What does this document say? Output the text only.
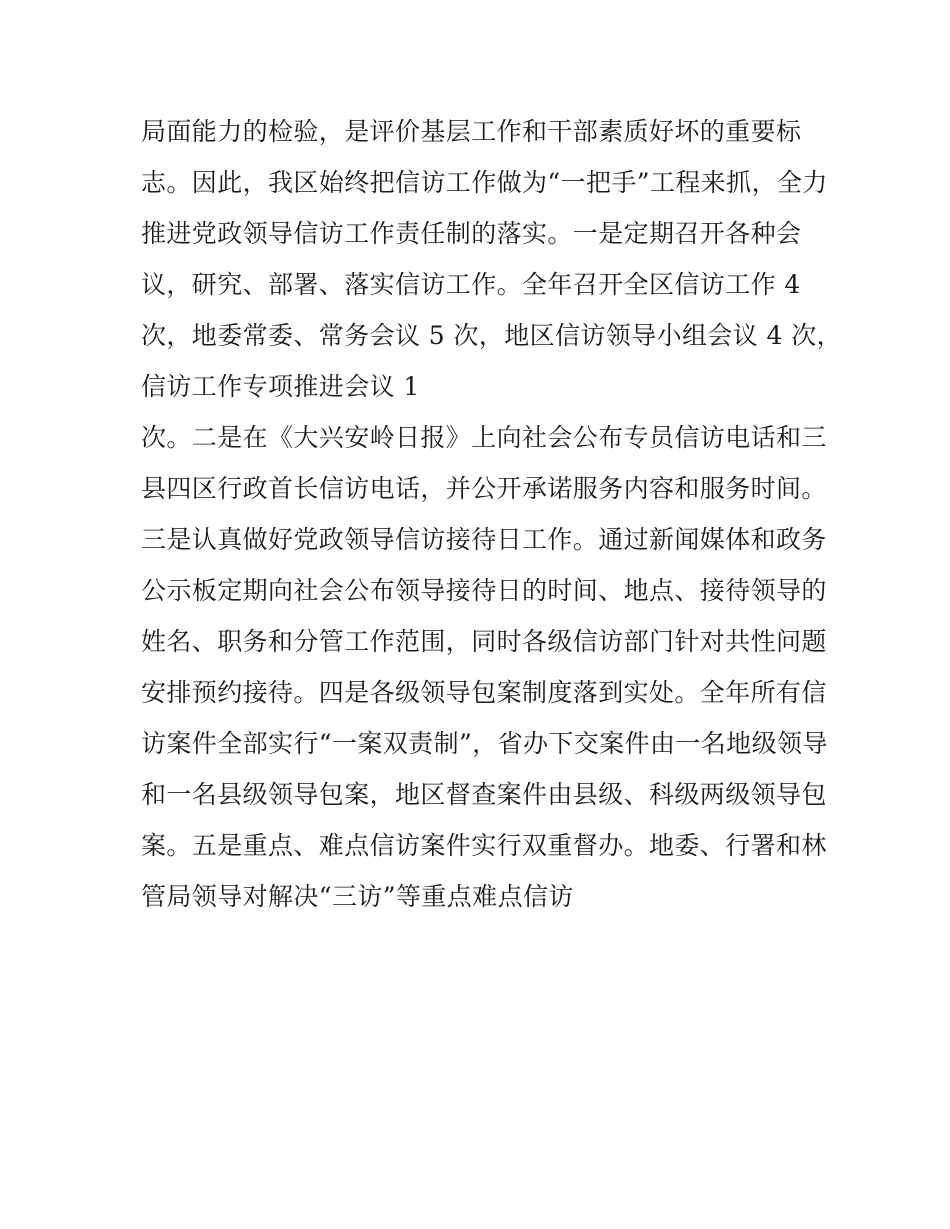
局面能力的检验，是评价基层工作和干部素质好坏的重要标
志。因此，我区始终把信访工作做为“一把手”工程来抓，全力
推进党政领导信访工作责任制的落实。一是定期召开各种会
议，研究、部署、落实信访工作。全年召开全区信访工作 4
次，地委常委、常务会议 5 次，地区信访领导小组会议 4 次，
信访工作专项推进会议 1
次。二是在《大兴安岭日报》上向社会公布专员信访电话和三
县四区行政首长信访电话，并公开承诺服务内容和服务时间。
三是认真做好党政领导信访接待日工作。通过新闻媒体和政务
公示板定期向社会公布领导接待日的时间、地点、接待领导的
姓名、职务和分管工作范围，同时各级信访部门针对共性问题
安排预约接待。四是各级领导包案制度落到实处。全年所有信
访案件全部实行“一案双责制”，省办下交案件由一名地级领导
和一名县级领导包案，地区督查案件由县级、科级两级领导包
案。五是重点、难点信访案件实行双重督办。地委、行署和林
管局领导对解决“三访”等重点难点信访
